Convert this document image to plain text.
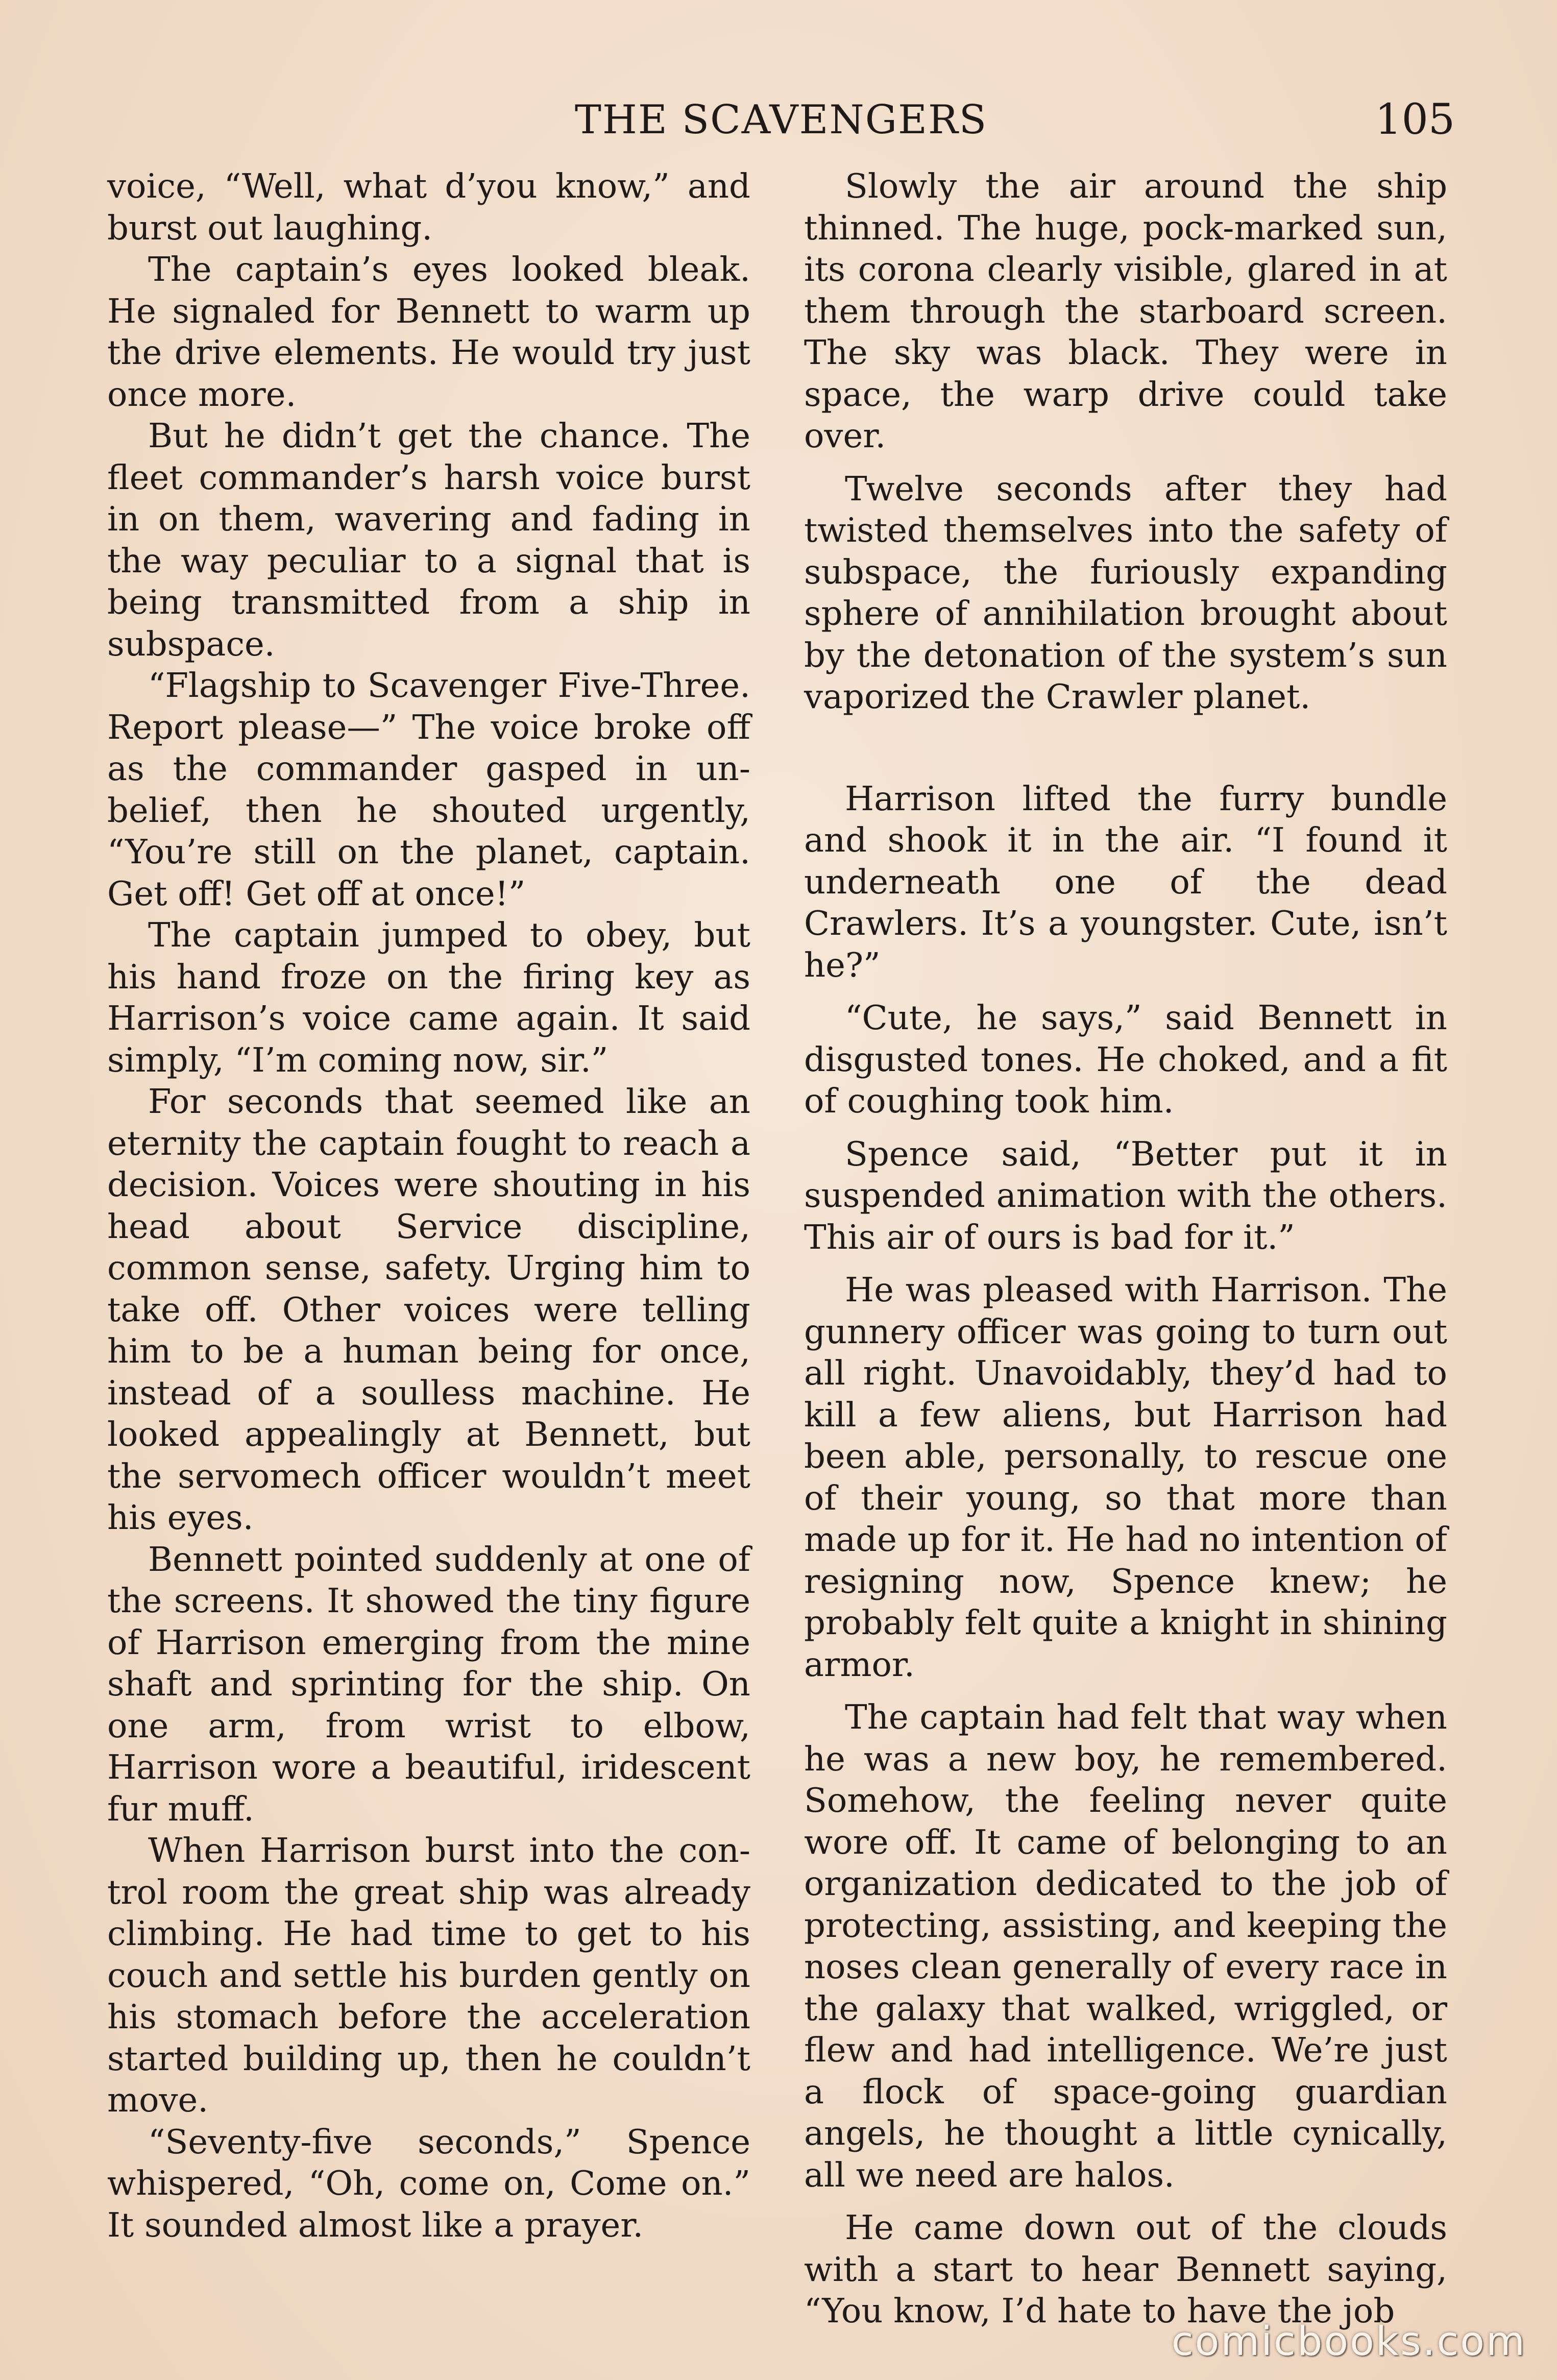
THE SCAVENGERS	105

voice, “Well, what d’you know,” and burst out laughing.

The captain’s eyes looked bleak. He signaled for Bennett to warm up the drive elements. He would try just once more.

But he didn’t get the chance. The fleet commander’s harsh voice burst in on them, wavering and fading in the way peculiar to a signal that is being transmitted from a ship in subspace.

“Flagship to Scavenger Five-Three. Report please—” The voice broke off as the commander gasped in unbelief, then he shouted urgently, “You’re still on the planet, captain. Get off! Get off at once!”

The captain jumped to obey, but his hand froze on the firing key as Harrison’s voice came again. It said simply, “I’m coming now, sir.”

For seconds that seemed like an eternity the captain fought to reach a decision. Voices were shouting in his head about Service discipline, common sense, safety. Urging him to take off. Other voices were telling him to be a human being for once, instead of a soulless machine. He looked appealingly at Bennett, but the servomech officer wouldn’t meet his eyes.

Bennett pointed suddenly at one of the screens. It showed the tiny figure of Harrison emerging from the mine shaft and sprinting for the ship. On one arm, from wrist to elbow, Harrison wore a beautiful, iridescent fur muff.

When Harrison burst into the control room the great ship was already climbing. He had time to get to his couch and settle his burden gently on his stomach before the acceleration started building up, then he couldn’t move.

“Seventy-five seconds,” Spence whispered, “Oh, come on, Come on.” It sounded almost like a prayer.

Slowly the air around the ship thinned. The huge, pock-marked sun, its corona clearly visible, glared in at them through the starboard screen. The sky was black. They were in space, the warp drive could take over.

Twelve seconds after they had twisted themselves into the safety of subspace, the furiously expanding sphere of annihilation brought about by the detonation of the system’s sun vaporized the Crawler planet.

Harrison lifted the furry bundle and shook it in the air. “I found it underneath one of the dead Crawlers. It’s a youngster. Cute, isn’t he?”

“Cute, he says,” said Bennett in disgusted tones. He choked, and a fit of coughing took him.

Spence said, “Better put it in suspended animation with the others. This air of ours is bad for it.”

He was pleased with Harrison. The gunnery officer was going to turn out all right. Unavoidably, they’d had to kill a few aliens, but Harrison had been able, personally, to rescue one of their young, so that more than made up for it. He had no intention of resigning now, Spence knew; he probably felt quite a knight in shining armor.

The captain had felt that way when he was a new boy, he remembered. Somehow, the feeling never quite wore off. It came of belonging to an organization dedicated to the job of protecting, assisting, and keeping the noses clean generally of every race in the galaxy that walked, wriggled, or flew and had intelligence. We’re just a flock of space-going guardian angels, he thought a little cynically, all we need are halos.

He came down out of the clouds with a start to hear Bennett saying, “You know, I’d hate to have the job

comicbooks.com
